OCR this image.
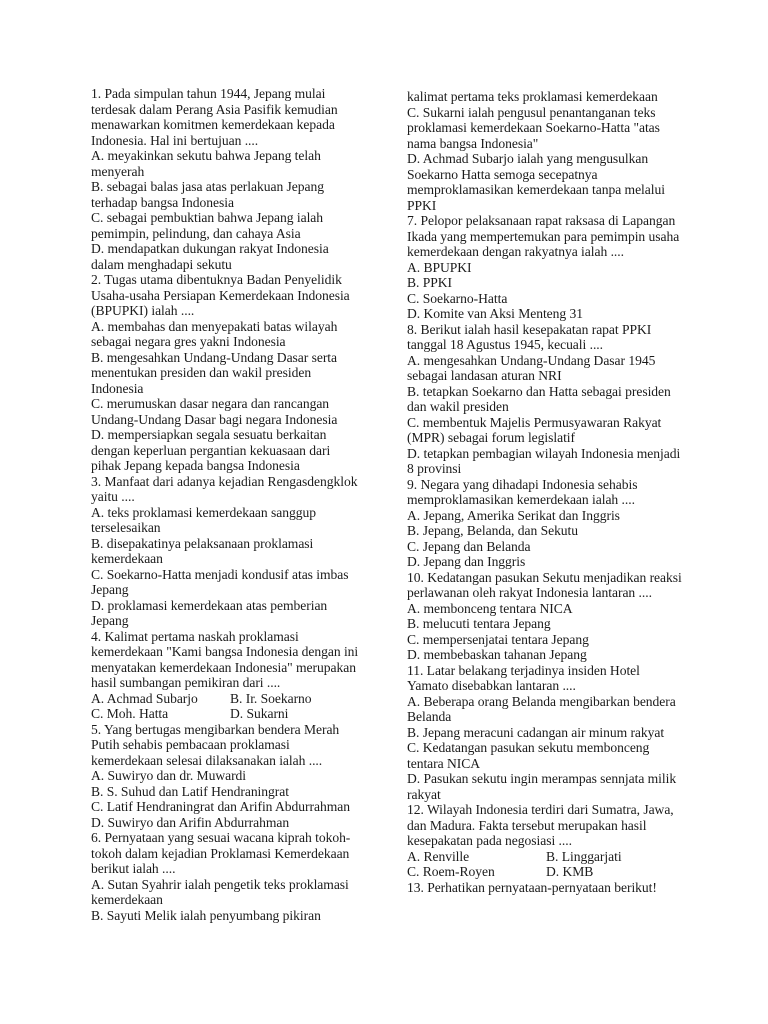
1. Pada simpulan tahun 1944, Jepang mulai terdesak dalam Perang Asia Pasifik kemudian menawarkan komitmen kemerdekaan kepada Indonesia. Hal ini bertujuan ....
A. meyakinkan sekutu bahwa Jepang telah menyerah
B. sebagai balas jasa atas perlakuan Jepang terhadap bangsa Indonesia
C. sebagai pembuktian bahwa Jepang ialah pemimpin, pelindung, dan cahaya Asia
D. mendapatkan dukungan rakyat Indonesia dalam menghadapi sekutu
2. Tugas utama dibentuknya Badan Penyelidik Usaha-usaha Persiapan Kemerdekaan Indonesia (BPUPKI) ialah ....
A. membahas dan menyepakati batas wilayah sebagai negara gres yakni Indonesia
B. mengesahkan Undang-Undang Dasar serta menentukan presiden dan wakil presiden Indonesia
C. merumuskan dasar negara dan rancangan Undang-Undang Dasar bagi negara Indonesia
D. mempersiapkan segala sesuatu berkaitan dengan keperluan pergantian kekuasaan dari pihak Jepang kepada bangsa Indonesia
3. Manfaat dari adanya kejadian Rengasdengklok yaitu ....
A. teks proklamasi kemerdekaan sanggup terselesaikan
B. disepakatinya pelaksanaan proklamasi kemerdekaan
C. Soekarno-Hatta menjadi kondusif atas imbas Jepang
D. proklamasi kemerdekaan atas pemberian Jepang
4. Kalimat pertama naskah proklamasi kemerdekaan "Kami bangsa Indonesia dengan ini menyatakan kemerdekaan Indonesia" merupakan hasil sumbangan pemikiran dari ....
A. Achmad Subarjo	B. Ir. Soekarno
C. Moh. Hatta	D. Sukarni
5. Yang bertugas mengibarkan bendera Merah Putih sehabis pembacaan proklamasi kemerdekaan selesai dilaksanakan ialah ....
A. Suwiryo dan dr. Muwardi
B. S. Suhud dan Latif Hendraningrat
C. Latif Hendraningrat dan Arifin Abdurrahman
D. Suwiryo dan Arifin Abdurrahman
6. Pernyataan yang sesuai wacana kiprah tokoh-tokoh dalam kejadian Proklamasi Kemerdekaan berikut ialah ....
A. Sutan Syahrir ialah pengetik teks proklamasi kemerdekaan
B. Sayuti Melik ialah penyumbang pikiran
kalimat pertama teks proklamasi kemerdekaan
C. Sukarni ialah pengusul penantanganan teks proklamasi kemerdekaan Soekarno-Hatta "atas nama bangsa Indonesia"
D. Achmad Subarjo ialah yang mengusulkan Soekarno Hatta semoga secepatnya memproklamasikan kemerdekaan tanpa melalui PPKI
7. Pelopor pelaksanaan rapat raksasa di Lapangan Ikada yang mempertemukan para pemimpin usaha kemerdekaan dengan rakyatnya ialah ....
A. BPUPKI
B. PPKI
C. Soekarno-Hatta
D. Komite van Aksi Menteng 31
8. Berikut ialah hasil kesepakatan rapat PPKI tanggal 18 Agustus 1945, kecuali ....
A. mengesahkan Undang-Undang Dasar 1945 sebagai landasan aturan NRI
B. tetapkan Soekarno dan Hatta sebagai presiden dan wakil presiden
C. membentuk Majelis Permusyawaran Rakyat (MPR) sebagai forum legislatif
D. tetapkan pembagian wilayah Indonesia menjadi 8 provinsi
9. Negara yang dihadapi Indonesia sehabis memproklamasikan kemerdekaan ialah ....
A. Jepang, Amerika Serikat dan Inggris
B. Jepang, Belanda, dan Sekutu
C. Jepang dan Belanda
D. Jepang dan Inggris
10. Kedatangan pasukan Sekutu menjadikan reaksi perlawanan oleh rakyat Indonesia lantaran ....
A. membonceng tentara NICA
B. melucuti tentara Jepang
C. mempersenjatai tentara Jepang
D. membebaskan tahanan Jepang
11. Latar belakang terjadinya insiden Hotel Yamato disebabkan lantaran ....
A. Beberapa orang Belanda mengibarkan bendera Belanda
B. Jepang meracuni cadangan air minum rakyat
C. Kedatangan pasukan sekutu membonceng tentara NICA
D. Pasukan sekutu ingin merampas sennjata milik rakyat
12. Wilayah Indonesia terdiri dari Sumatra, Jawa, dan Madura. Fakta tersebut merupakan hasil kesepakatan pada negosiasi ....
A. Renville	B. Linggarjati
C. Roem-Royen	D. KMB
13. Perhatikan pernyataan-pernyataan berikut!
